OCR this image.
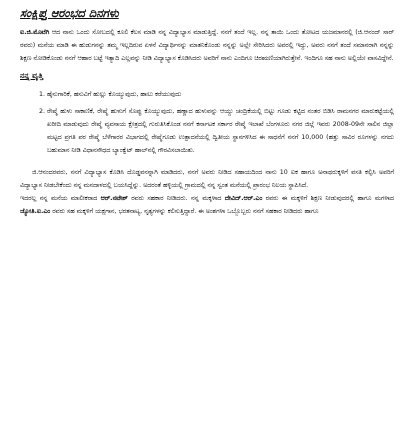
ಸಂಕ್ಷಿಪ್ತ ಆರಂಭದ ದಿನಗಳು

ಐ.ಜಿ.ಮೊಟೆಗಿ ಆದ ನಾನು ಒಂದು ಸೋಬದಲ್ಲಿ ಕೂಲಿ ಕೆಲಸ ಮಾಡಿ ನನ್ನ ವಿದ್ಯಾಭ್ಯಾಸ ಮಾಡುತ್ತಿದ್ದೆ. ನನಗೆ ತಂದೆ ಇಲ್ಲ. ನನ್ನ ತಾಯಿ ಒಂದು ತೋಟದ ಯಜಮಾನರಲ್ಲಿ (ಜಿ.ಆನಂದ್ ಸಾರ್ ರವರು) ಮನೆಯ ಮಾಡಿ ಈ ಹುಡುಗನನ್ನು ತಮ್ಮ ಇಲ್ಲದಿರುವ ಏಳನೆ ವಿದ್ಯಾರ್ಥಿನನ್ನು ಮಾತನಿಕೊಂಡು ನನ್ನನ್ನು ಅಲ್ಲೇ ಸೇರಿಸಿದರು ಅವರಲ್ಲಿ ಇದ್ದು, ಅವರು ನನಗೆ ತಂದೆ ಸಮಾನರಾಗಿ ನನ್ನನ್ನು ಶಿಕ್ಷಣ ನೋಡಿಕೊಂಡು ನನಗೆ ಆಹಾರ ಬಟ್ಟೆ ಇತ್ಯಾದಿ ಎಲ್ಲವನ್ನು ನೀಡಿ ವಿದ್ಯಾಭ್ಯಾಸ ಕೊಡಿಸಿದರು ಅವರಿಗೆ ನಾನು ಎಂದಿಗೂ ಚಿರಋಣಿಯಾಗಿರುತ್ತೇನೆ. ಇಂದಿಗೂ ಸಹ ನಾನು ಅಲ್ಲಿಯೇ ವಾಸವಿದ್ದೇನೆ.

ನನ್ನ ವೃತ್ತಿ
1. ಹೈನುಗಾರಿಕೆ, ಹಸುವಿಗೆ ಹುಲ್ಲು ಕೊಯ್ಯುವುದು, ಹಾಲು ಕರೆಯುವುದು
2. ರೇಷ್ಮೆ ಹುಳು ಸಾಕಾಣಿಕೆ, ರೇಷ್ಮೆ ಹುಳುಗೆ ಸೊಪ್ಪು ಕೊಯ್ಯುವುದು, ಹಣ್ಣಾದ ಹುಳುವನ್ನು ಆಯ್ದು ಚಂದ್ರಿಕೆಯಲ್ಲಿ ಬಿಟ್ಟು ಗೂಡು ಕಟ್ಟಿದ ನಂತರ ಬಿಡಿಸಿ ರಾಮನಗರ ಮಾರುಕಟ್ಟೆಯಲ್ಲಿ ಖರೀದಿ ಮಾಡುವುದು ರೇಷ್ಮೆ ವ್ಯವಸಾಯ ಕ್ಷೇತ್ರದಲ್ಲಿ ಗುರುತಿಸಿಕೊಂಡ ನನಗೆ ಕರ್ನಾಟಕ ಸರ್ಕಾರ ರೇಷ್ಮೆ ಇಲಾಖೆ ಬೆಂಗಳೂರು ನಗರ ಜಿಲ್ಲೆ ಇವರು 2008-09ನೇ ಸಾಲಿನ ಜಿಲ್ಲಾ ಮಟ್ಟದ ಪ್ರಗತಿ ಪರ ರೇಷ್ಮೆ ಬೆಳೆಗಾರರ ವಿಭಾಗದಲ್ಲಿ ರೇಷ್ಮೆಗೂಡು ಉತ್ಪಾದನೆಯಲ್ಲಿ ದ್ವಿತೀಯ ಸ್ಥಾನಗಳಿಸಿದ ಈ ಸಾಧನೆಗೆ ನನಗೆ 10,000 (ಹತ್ತು ಸಾವಿರ ರೂಗಳನ್ನು ನಗದು ಬಹುಮಾನ ನೀಡಿ ವಿಧಾನಸೌಧದ ಬ್ಯಾಂಕ್ವೆಟ್ ಹಾಲ್‌ನಲ್ಲಿ ಗೌರವಿಸಲಾಯಿತು.

ಜಿ.ಆನಂದರವರು, ನನಗೆ ವಿದ್ಯಾಭ್ಯಾಸ ಕೊಡಿಸಿ ದೊಡ್ಡವನನ್ನಾಗಿ ಮಾಡಿದರು, ನನಗೆ ಅವರು ನೀಡಿದ ಸಹಾಯದಿಂದ ನಾನು 10 ಐಕ ಹಾಗೂ ಅನಾಥರುಕ್ಕಳಿಗೆ ವಸತಿ ಕಲ್ಪಿಸಿ ಅವರಿಗೆ ವಿದ್ಯಾಭ್ಯಾಸ ನೀಡಬೇಕೆಂದು ನನ್ನ ಮನದಾಳದಲ್ಲಿ ಬಯಸಿದ್ದೆನ್ನು. ಅದರಂತೆ ಹಳ್ಳಿಯಲ್ಲಿ ಗ್ರಾಮದಲ್ಲಿ ನನ್ನ ಸ್ವಂತ ಮನೆಯಲ್ಲಿ ಪ್ರಾರಂಭ ನಿಲಯ ಸ್ಥಾಪಿಸಿದೆ.

ಇದರಲ್ಲ ನನ್ನ ಮನೆಯ ಮಾಲೀಕರಾದ ಆರ್.ನಟೇಶ್ ರವರು ಸಹಕಾರ ನೀಡಿದರು. ನನ್ನ ಮಕ್ಕಳಾದ ದೇವಿದ್.ಆರ್.ಎಂ ರವರು ಈ ಮಕ್ಕಳಿಗೆ ಶಿಕ್ಷಣ ನೀಡುವುದರಲ್ಲಿ ಹಾಗೂ ಮಗಳಾದ ಜ್ಯೋತಿ.ಐ.ಎಂ ರವರು ಸಹ ಮಕ್ಕಳಿಗೆ ಯಕ್ಷಗಾನ, ಭರತನಾಟ್ಯ, ನೃತ್ಯಗಳನ್ನು ಕಲಿಸುತ್ತಿದ್ದಾರೆ. ಈ ಅಂಶಗಳಾ ಒಬ್ಬೊಬ್ಬರು ನನಗೆ ಸಹಕಾರ ನೀಡಿದರು ಹಾಗೂ
